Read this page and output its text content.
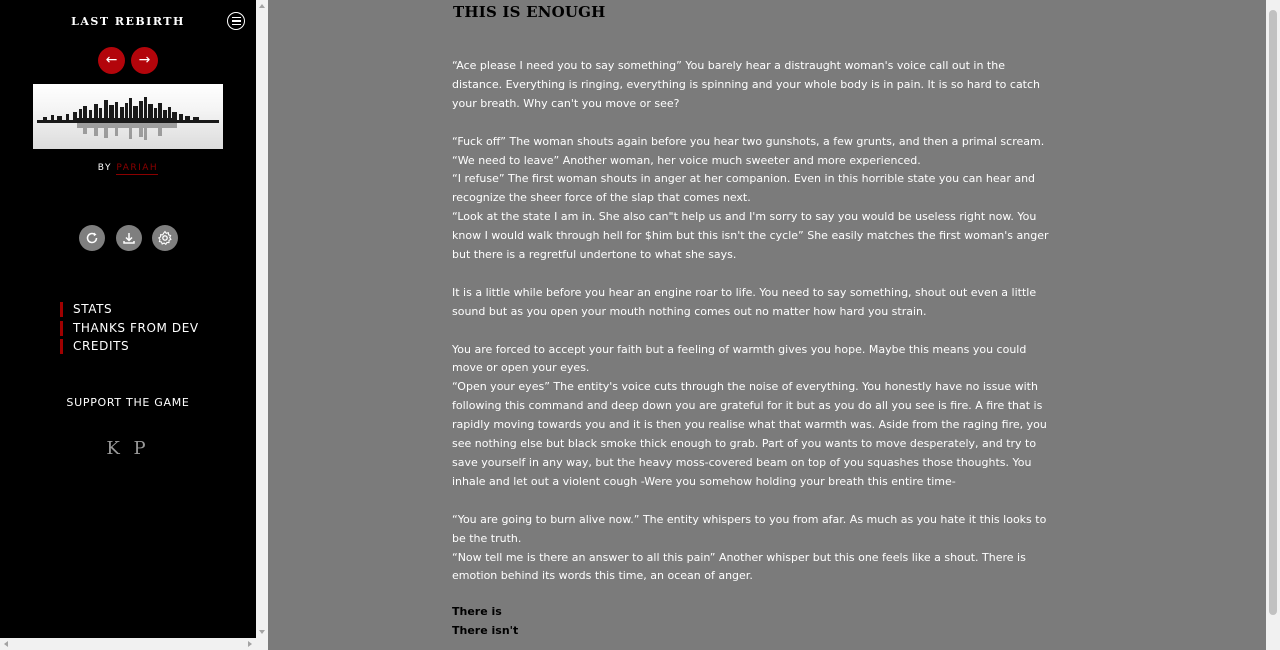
LAST REBIRTH
←	→
BY PARIAH
STATS
THANKS FROM DEV
CREDITS
SUPPORT THE GAME
K P
THIS IS ENOUGH

“Ace please I need you to say something” You barely hear a distraught woman's voice call out in the distance. Everything is ringing, everything is spinning and your whole body is in pain. It is so hard to catch your breath. Why can't you move or see?

“Fuck off” The woman shouts again before you hear two gunshots, a few grunts, and then a primal scream.
“We need to leave” Another woman, her voice much sweeter and more experienced.
“I refuse” The first woman shouts in anger at her companion. Even in this horrible state you can hear and recognize the sheer force of the slap that comes next.
“Look at the state I am in. She also can"t help us and I'm sorry to say you would be useless right now. You know I would walk through hell for $him but this isn't the cycle” She easily matches the first woman's anger but there is a regretful undertone to what she says.

It is a little while before you hear an engine roar to life. You need to say something, shout out even a little sound but as you open your mouth nothing comes out no matter how hard you strain.

You are forced to accept your faith but a feeling of warmth gives you hope. Maybe this means you could move or open your eyes.
“Open your eyes” The entity's voice cuts through the noise of everything. You honestly have no issue with following this command and deep down you are grateful for it but as you do all you see is fire. A fire that is rapidly moving towards you and it is then you realise what that warmth was. Aside from the raging fire, you see nothing else but black smoke thick enough to grab. Part of you wants to move desperately, and try to save yourself in any way, but the heavy moss-covered beam on top of you squashes those thoughts. You inhale and let out a violent cough -Were you somehow holding your breath this entire time-

“You are going to burn alive now.” The entity whispers to you from afar. As much as you hate it this looks to be the truth.
“Now tell me is there an answer to all this pain” Another whisper but this one feels like a shout. There is emotion behind its words this time, an ocean of anger.

There is
There isn't
